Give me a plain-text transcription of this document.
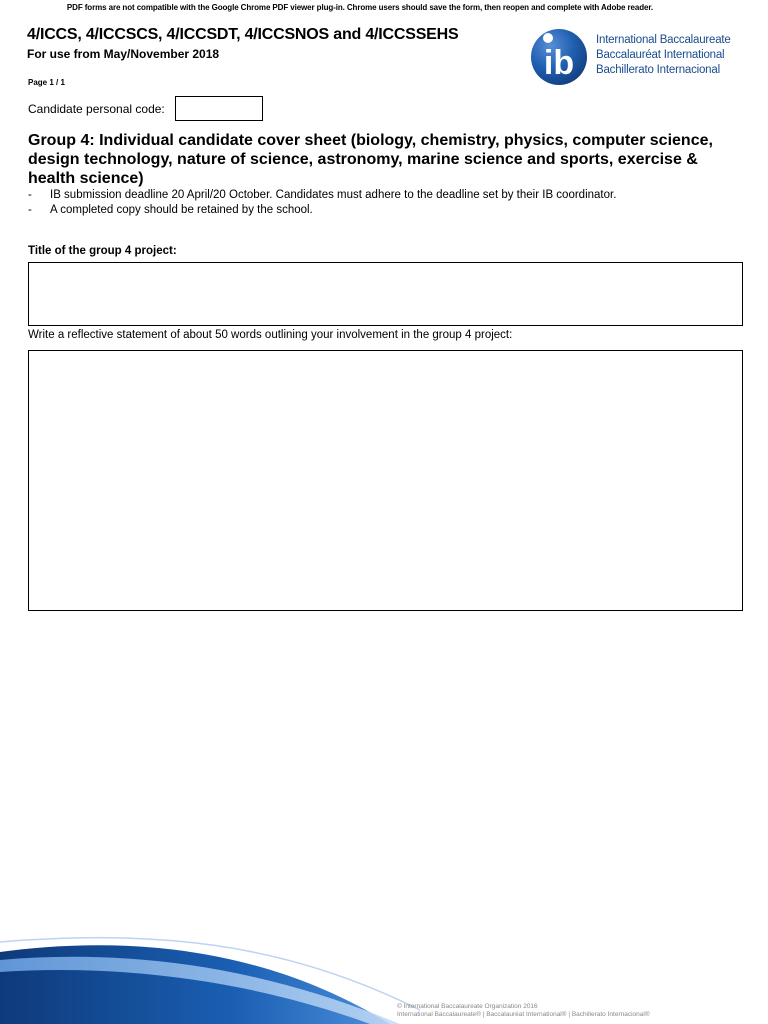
PDF forms are not compatible with the Google Chrome PDF viewer plug-in. Chrome users should save the form, then reopen and complete with Adobe reader.
4/ICCS, 4/ICCSCS, 4/ICCSDT, 4/ICCSNOS and 4/ICCSSEHS
For use from May/November 2018	ib
International Baccalaureate
Baccalauréat International
Bachillerato Internacional
Page 1 / 1
Candidate personal code:
Group 4: Individual candidate cover sheet (biology, chemistry, physics, computer science, design technology, nature of science, astronomy, marine science and sports, exercise & health science)
- IB submission deadline 20 April/20 October. Candidates must adhere to the deadline set by their IB coordinator.
- A completed copy should be retained by the school.
Title of the group 4 project:
Write a reflective statement of about 50 words outlining your involvement in the group 4 project:
© International Baccalaureate Organization 2016
International Baccalaureate® | Baccalauréat International® | Bachillerato Internacional®
